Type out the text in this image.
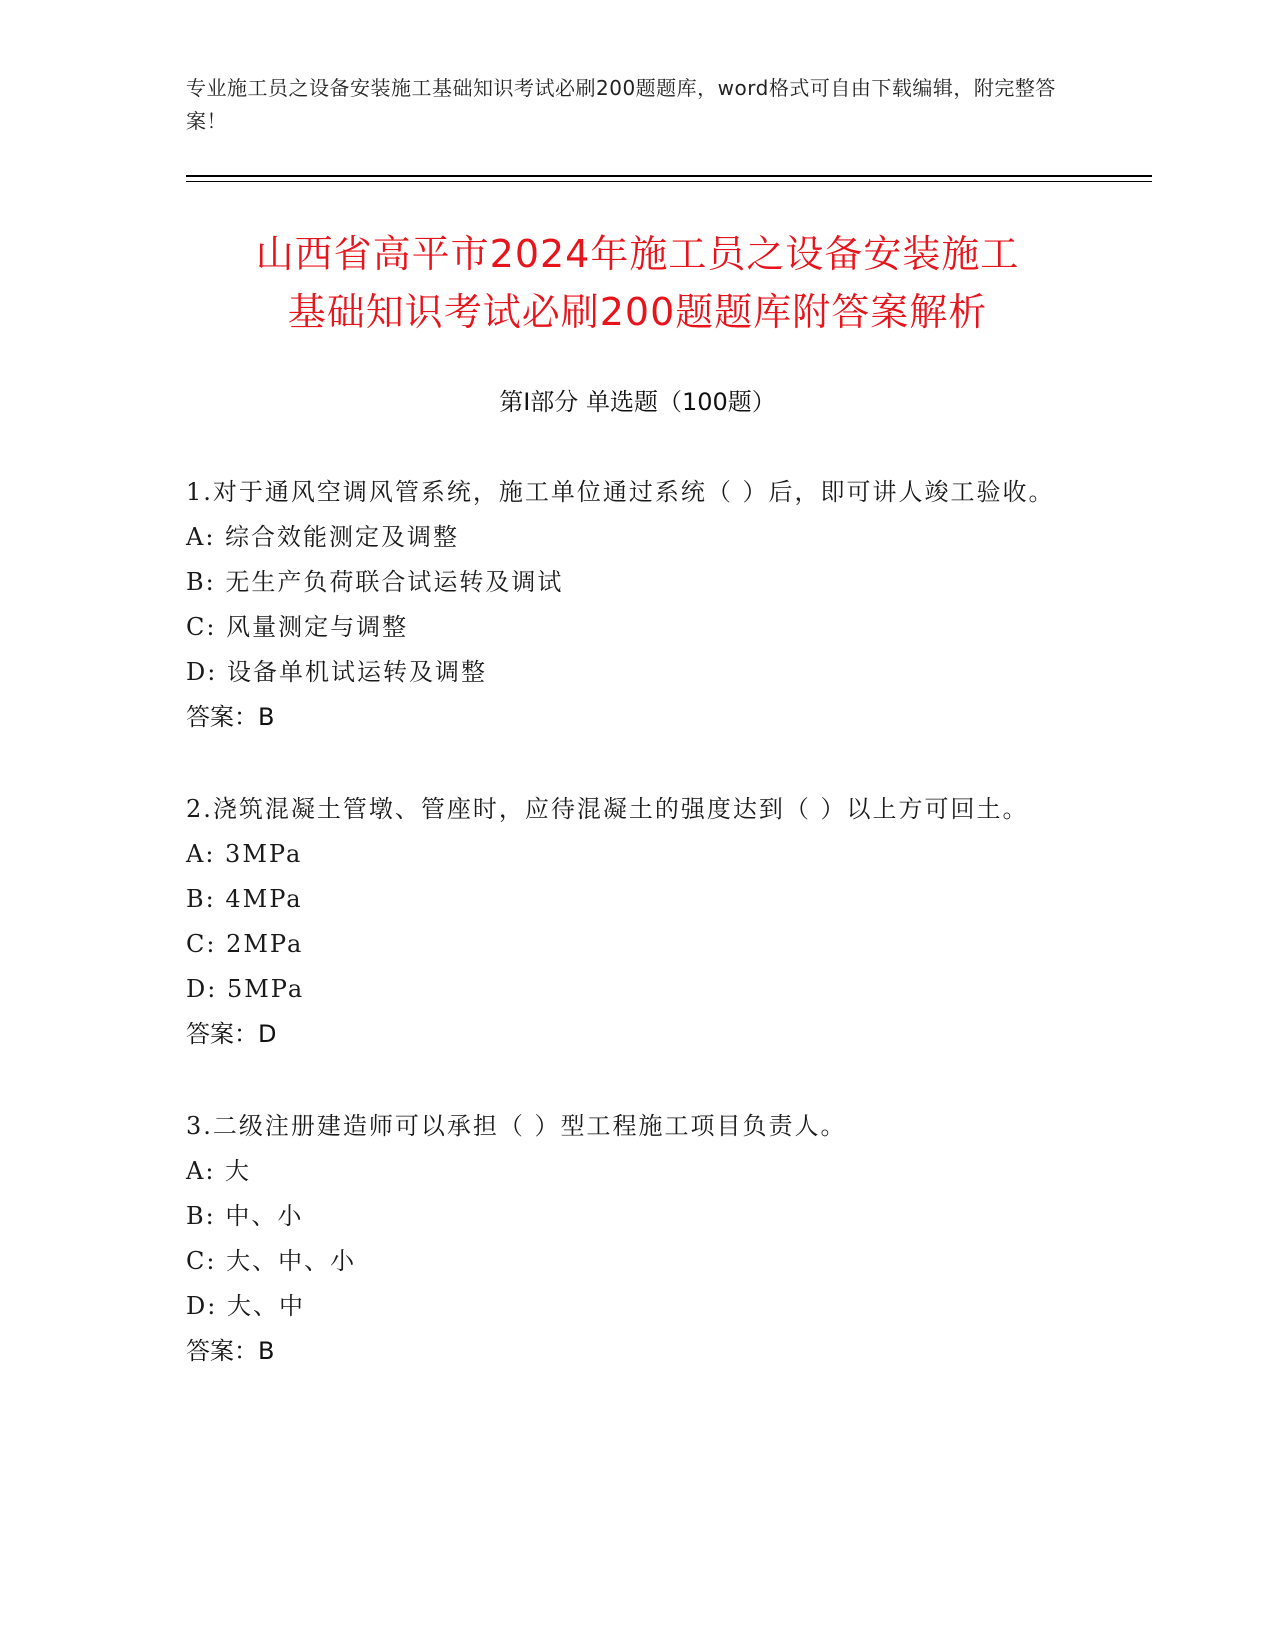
专业施工员之设备安装施工基础知识考试必刷200题题库，word格式可自由下载编辑，附完整答案！
山西省高平市2024年施工员之设备安装施工
基础知识考试必刷200题题库附答案解析
第Ⅰ部分 单选题（100题）
1.对于通风空调风管系统，施工单位通过系统（ ）后，即可讲人竣工验收。
A: 综合效能测定及调整
B: 无生产负荷联合试运转及调试
C: 风量测定与调整
D: 设备单机试运转及调整
答案：B
2.浇筑混凝土管墩、管座时，应待混凝土的强度达到（ ）以上方可回土。
A: 3MPa
B: 4MPa
C: 2MPa
D: 5MPa
答案：D
3.二级注册建造师可以承担（ ）型工程施工项目负责人。
A: 大
B: 中、小
C: 大、中、小
D: 大、中
答案：B
